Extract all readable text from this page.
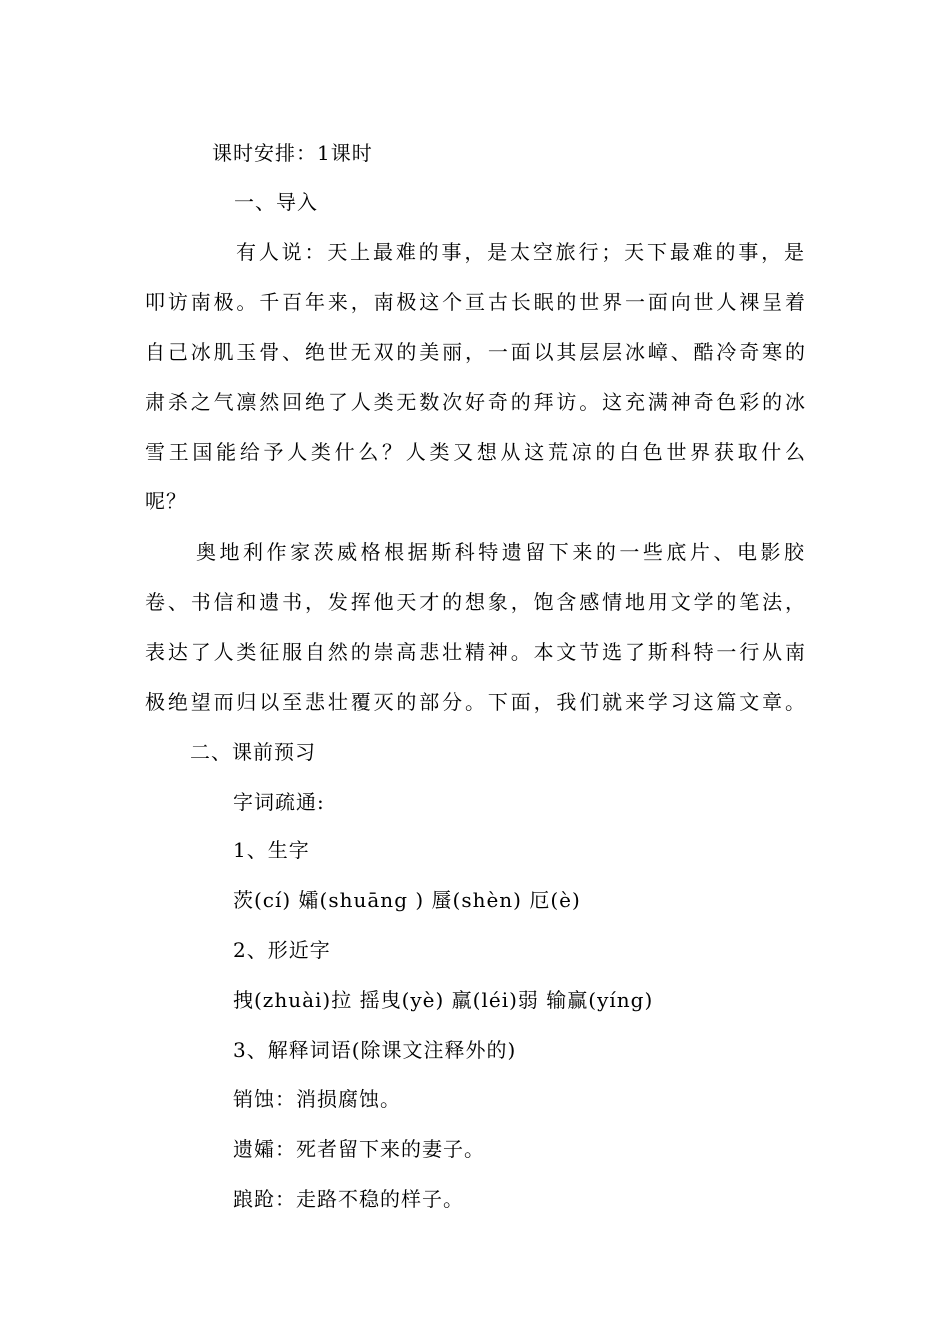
课时安排：1课时
一、导入
有人说：天上最难的事，是太空旅行；天下最难的事，是
叩访南极。千百年来，南极这个亘古长眠的世界一面向世人裸呈着
自己冰肌玉骨、绝世无双的美丽，一面以其层层冰嶂、酷冷奇寒的
肃杀之气凛然回绝了人类无数次好奇的拜访。这充满神奇色彩的冰
雪王国能给予人类什么？人类又想从这荒凉的白色世界获取什么
呢？
奥地利作家茨威格根据斯科特遗留下来的一些底片、电影胶
卷、书信和遗书，发挥他天才的想象，饱含感情地用文学的笔法，
表达了人类征服自然的崇高悲壮精神。本文节选了斯科特一行从南
极绝望而归以至悲壮覆灭的部分。下面，我们就来学习这篇文章。
二、课前预习
字词疏通:
1、生字
茨(cí) 孀(shuāng ) 蜃(shèn) 厄(è)
2、形近字
拽(zhuài)拉 摇曳(yè) 羸(léi)弱 输赢(yíng)
3、解释词语(除课文注释外的)
销蚀：消损腐蚀。
遗孀：死者留下来的妻子。
踉跄：走路不稳的样子。
